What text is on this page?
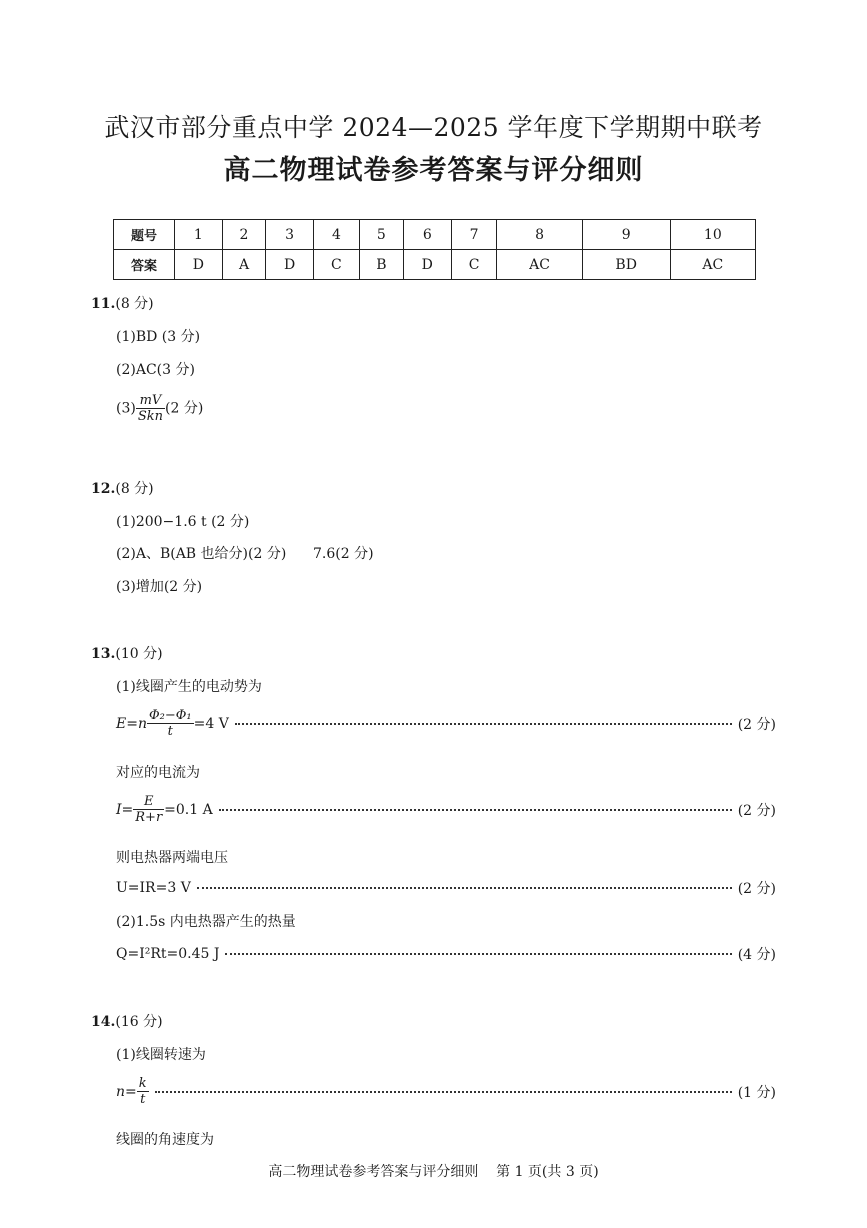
武汉市部分重点中学 2024—2025 学年度下学期期中联考
高二物理试卷参考答案与评分细则
题号	1	2	3	4	5	6	7	8	9	10
答案	D	A	D	C	B	D	C	AC	BD	AC
11.(8 分)
(1)BD (3 分)
(2)AC(3 分)
$(3) \frac{mV}{\text{Skn}} (2$ 分)
12.(8 分)
(1)200−1.6 t (2 分)
(2)A、B(AB 也给分)(2 分)      7.6(2 分)
(3)增加(2 分)
13.(10 分)
(1)线圈产生的电动势为
$E=n \frac{\text{Φ₂−Φ₁}}{t} =4$ V	(2 分)
对应的电流为
$I= \frac{E}{R+r} =0.1$ A	(2 分)
则电热器两端电压
U=IR=3 V	(2 分)
(2)1.5s 内电热器产生的热量
Q=I²Rt=0.45 J	(4 分)
14.(16 分)
(1)线圈转速为
$n= \frac{k}{t}$	(1 分)
线圈的角速度为
高二物理试卷参考答案与评分细则    第 1 页(共 3 页)
